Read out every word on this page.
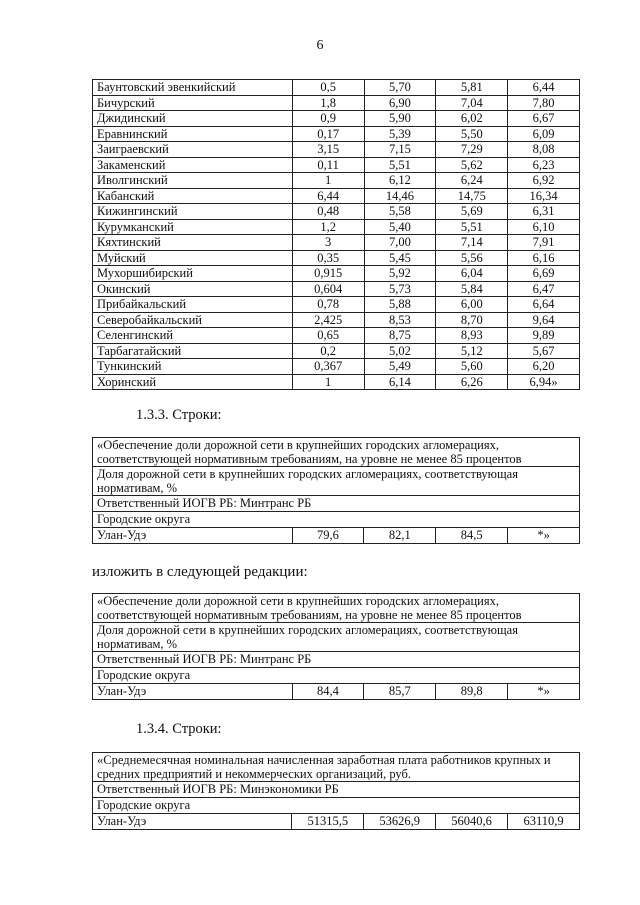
6
Баунтовский эвенкийский	0,5	5,70	5,81	6,44
Бичурский	1,8	6,90	7,04	7,80
Джидинский	0,9	5,90	6,02	6,67
Еравнинский	0,17	5,39	5,50	6,09
Заиграевский	3,15	7,15	7,29	8,08
Закаменский	0,11	5,51	5,62	6,23
Иволгинский	1	6,12	6,24	6,92
Кабанский	6,44	14,46	14,75	16,34
Кижингинский	0,48	5,58	5,69	6,31
Курумканский	1,2	5,40	5,51	6,10
Кяхтинский	3	7,00	7,14	7,91
Муйский	0,35	5,45	5,56	6,16
Мухоршибирский	0,915	5,92	6,04	6,69
Окинский	0,604	5,73	5,84	6,47
Прибайкальский	0,78	5,88	6,00	6,64
Северобайкальский	2,425	8,53	8,70	9,64
Селенгинский	0,65	8,75	8,93	9,89
Тарбагатайский	0,2	5,02	5,12	5,67
Тункинский	0,367	5,49	5,60	6,20
Хоринский	1	6,14	6,26	6,94»
1.3.3. Строки:
«Обеспечение доли дорожной сети в крупнейших городских агломерациях, соответствующей нормативным требованиям, на уровне не менее 85 процентов
Доля дорожной сети в крупнейших городских агломерациях, соответствующая нормативам, %
Ответственный ИОГВ РБ: Минтранс РБ
Городские округа
Улан-Удэ	79,6	82,1	84,5	*»
изложить в следующей редакции:
«Обеспечение доли дорожной сети в крупнейших городских агломерациях, соответствующей нормативным требованиям, на уровне не менее 85 процентов
Доля дорожной сети в крупнейших городских агломерациях, соответствующая нормативам, %
Ответственный ИОГВ РБ: Минтранс РБ
Городские округа
Улан-Удэ	84,4	85,7	89,8	*»
1.3.4. Строки:
«Среднемесячная номинальная начисленная заработная плата работников крупных и средних предприятий и некоммерческих организаций, руб.
Ответственный ИОГВ РБ: Минэкономики РБ
Городские округа
Улан-Удэ	51315,5	53626,9	56040,6	63110,9
